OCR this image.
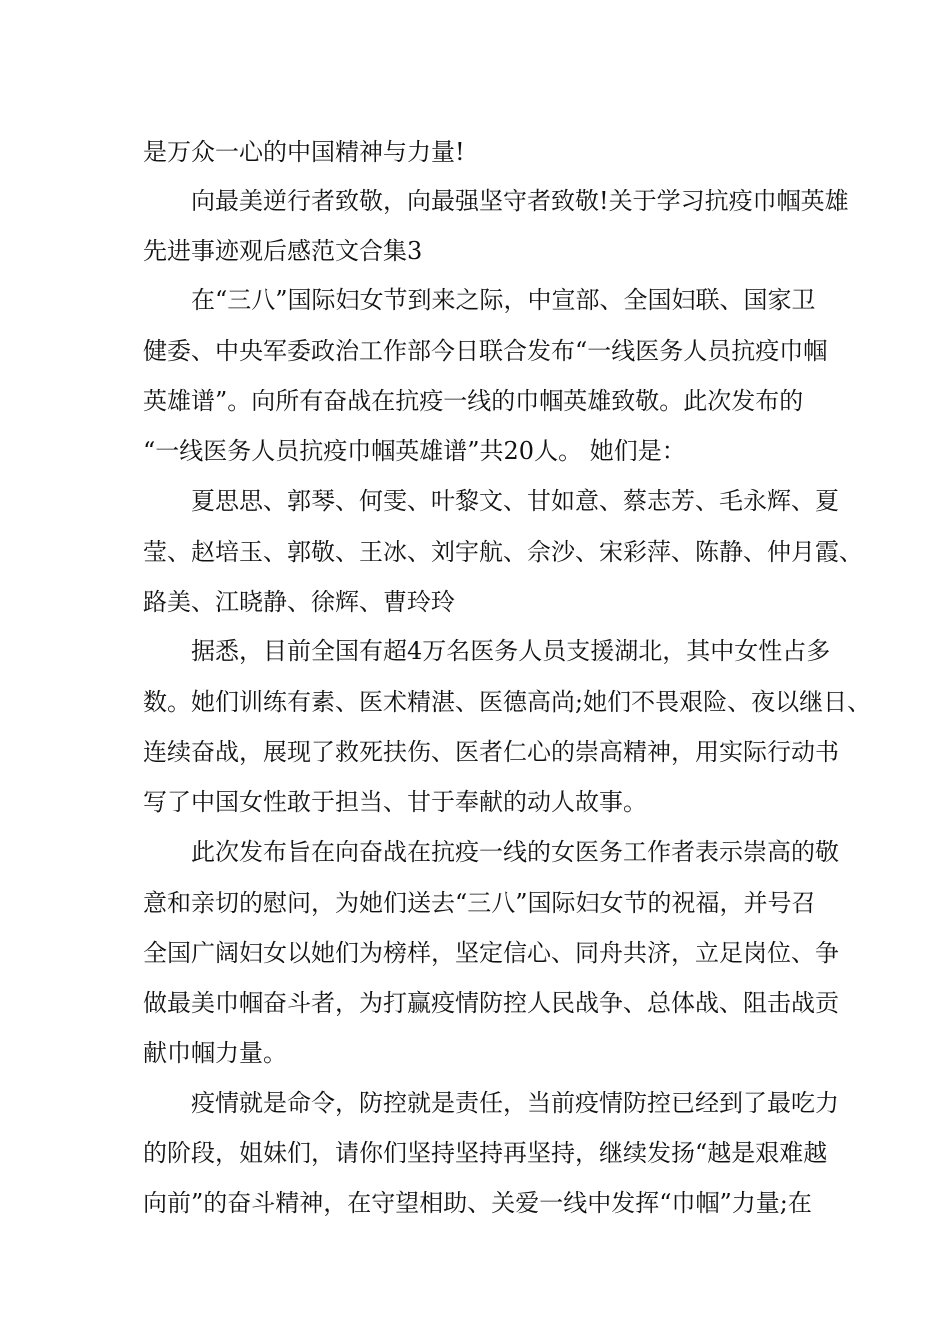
是万众一心的中国精神与力量!
向最美逆行者致敬，向最强坚守者致敬!关于学习抗疫巾帼英雄
先进事迹观后感范文合集3
在“三八”国际妇女节到来之际，中宣部、全国妇联、国家卫
健委、中央军委政治工作部今日联合发布“一线医务人员抗疫巾帼
英雄谱”。向所有奋战在抗疫一线的巾帼英雄致敬。此次发布的
“一线医务人员抗疫巾帼英雄谱”共20人。 她们是：
夏思思、郭琴、何雯、叶黎文、甘如意、蔡志芳、毛永辉、夏
莹、赵培玉、郭敬、王冰、刘宇航、佘沙、宋彩萍、陈静、仲月霞、
路美、江晓静、徐辉、曹玲玲
据悉，目前全国有超4万名医务人员支援湖北，其中女性占多
数。她们训练有素、医术精湛、医德高尚;她们不畏艰险、夜以继日、
连续奋战，展现了救死扶伤、医者仁心的崇高精神，用实际行动书
写了中国女性敢于担当、甘于奉献的动人故事。
此次发布旨在向奋战在抗疫一线的女医务工作者表示崇高的敬
意和亲切的慰问，为她们送去“三八”国际妇女节的祝福，并号召
全国广阔妇女以她们为榜样，坚定信心、同舟共济，立足岗位、争
做最美巾帼奋斗者，为打赢疫情防控人民战争、总体战、阻击战贡
献巾帼力量。
疫情就是命令，防控就是责任，当前疫情防控已经到了最吃力
的阶段，姐妹们，请你们坚持坚持再坚持，继续发扬“越是艰难越
向前”的奋斗精神，在守望相助、关爱一线中发挥“巾帼”力量;在
